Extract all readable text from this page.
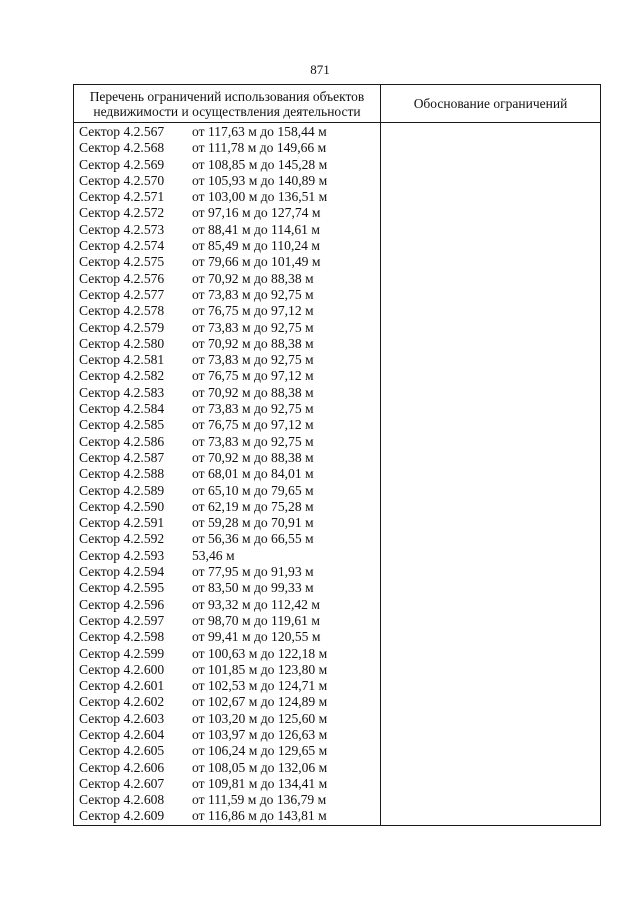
871
Перечень ограничений использования объектов недвижимости и осуществления деятельности	Обоснование ограничений
Сектор 4.2.567	от 117,63 м до 158,44 м
Сектор 4.2.568	от 111,78 м до 149,66 м
Сектор 4.2.569	от 108,85 м до 145,28 м
Сектор 4.2.570	от 105,93 м до 140,89 м
Сектор 4.2.571	от 103,00 м до 136,51 м
Сектор 4.2.572	от 97,16 м до 127,74 м
Сектор 4.2.573	от 88,41 м до 114,61 м
Сектор 4.2.574	от 85,49 м до 110,24 м
Сектор 4.2.575	от 79,66 м до 101,49 м
Сектор 4.2.576	от 70,92 м до 88,38 м
Сектор 4.2.577	от 73,83 м до 92,75 м
Сектор 4.2.578	от 76,75 м до 97,12 м
Сектор 4.2.579	от 73,83 м до 92,75 м
Сектор 4.2.580	от 70,92 м до 88,38 м
Сектор 4.2.581	от 73,83 м до 92,75 м
Сектор 4.2.582	от 76,75 м до 97,12 м
Сектор 4.2.583	от 70,92 м до 88,38 м
Сектор 4.2.584	от 73,83 м до 92,75 м
Сектор 4.2.585	от 76,75 м до 97,12 м
Сектор 4.2.586	от 73,83 м до 92,75 м
Сектор 4.2.587	от 70,92 м до 88,38 м
Сектор 4.2.588	от 68,01 м до 84,01 м
Сектор 4.2.589	от 65,10 м до 79,65 м
Сектор 4.2.590	от 62,19 м до 75,28 м
Сектор 4.2.591	от 59,28 м до 70,91 м
Сектор 4.2.592	от 56,36 м до 66,55 м
Сектор 4.2.593	53,46 м
Сектор 4.2.594	от 77,95 м до 91,93 м
Сектор 4.2.595	от 83,50 м до 99,33 м
Сектор 4.2.596	от 93,32 м до 112,42 м
Сектор 4.2.597	от 98,70 м до 119,61 м
Сектор 4.2.598	от 99,41 м до 120,55 м
Сектор 4.2.599	от 100,63 м до 122,18 м
Сектор 4.2.600	от 101,85 м до 123,80 м
Сектор 4.2.601	от 102,53 м до 124,71 м
Сектор 4.2.602	от 102,67 м до 124,89 м
Сектор 4.2.603	от 103,20 м до 125,60 м
Сектор 4.2.604	от 103,97 м до 126,63 м
Сектор 4.2.605	от 106,24 м до 129,65 м
Сектор 4.2.606	от 108,05 м до 132,06 м
Сектор 4.2.607	от 109,81 м до 134,41 м
Сектор 4.2.608	от 111,59 м до 136,79 м
Сектор 4.2.609	от 116,86 м до 143,81 м
